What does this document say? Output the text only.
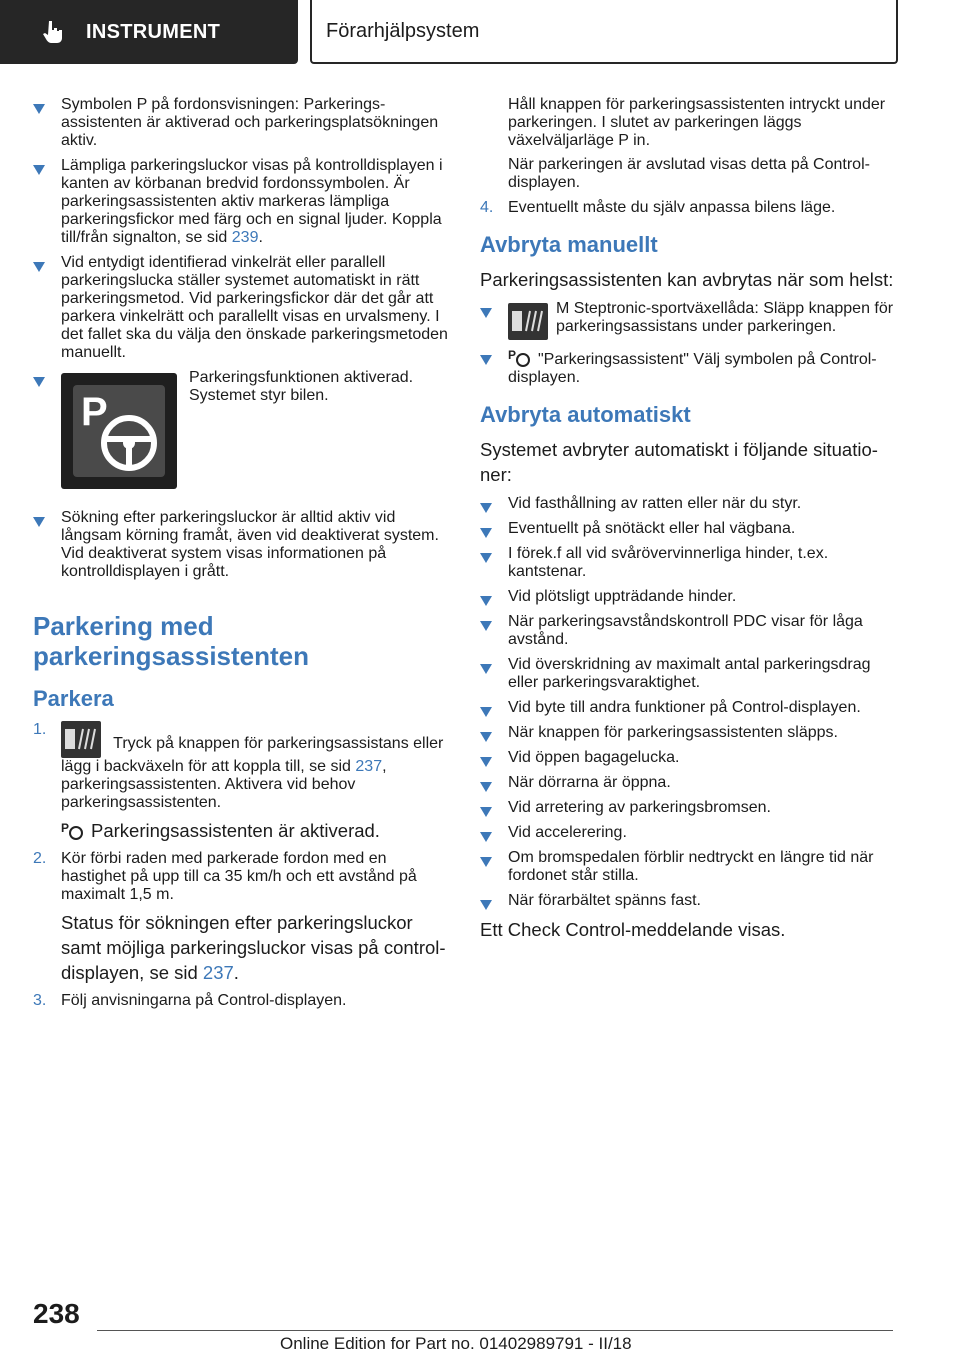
INSTRUMENT	Förarhjälpsystem
Symbolen P på fordonsvisningen: Parkeringsassistenten är aktiverad och parkeringsplatsökningen aktiv.
Lämpliga parkeringsluckor visas på kontrolldisplayen i kanten av körbanan bredvid fordonssymbolen. Är parkeringsassistenten aktiv markeras lämpliga parkeringsfickor med färg och en signal ljuder. Koppla till/från signalton, se sid 239.
Vid entydigt identifierad vinkelrät eller parallell parkeringslucka ställer systemet automatiskt in rätt parkeringsmetod. Vid parkeringsfickor där det går att parkera vinkelrätt och parallellt visas en urvalsmeny. I det fallet ska du välja den önskade parkeringsmetoden manuellt.
P
Parkeringsfunktionen aktiverad. Systemet styr bilen.
Sökning efter parkeringsluckor är alltid aktiv vid långsam körning framåt, även vid deaktiverat system. Vid deaktiverat system visas informationen på kontrolldisplayen i grått.
Parkering med parkeringsassistenten
Parkera
1.
Tryck på knappen för parkeringsassistans eller lägg i backväxeln för att koppla till, se sid 237, parkeringsassistenten. Aktivera vid behov parkeringsassistenten.

P Parkeringsassistenten är aktiverad.

2. Kör förbi raden med parkerade fordon med en hastighet på upp till ca 35 km/h och ett avstånd på maximalt 1,5 m.

Status för sökningen efter parkeringsluckor samt möjliga parkeringsluckor visas på control-displayen, se sid 237.

3. Följ anvisningarna på Control-displayen.
Håll knappen för parkeringsassistenten intryckt under parkeringen. I slutet av parkeringen läggs växelväljarläge P in.
När parkeringen är avslutad visas detta på Control-displayen.
4. Eventuellt måste du själv anpassa bilens läge.
Avbryta manuellt

Parkeringsassistenten kan avbrytas när som helst:

M Steptronic-sportväxellåda: Släpp knappen för parkeringsassistans under parkeringen.
P "Parkeringsassistent" Välj symbolen på Control-displayen.
Avbryta automatiskt

Systemet avbryter automatiskt i följande situationer:

Vid fasthållning av ratten eller när du styr.
Eventuellt på snötäckt eller hal vägbana.
I förek.f all vid svårövervinnerliga hinder, t.ex. kantstenar.
Vid plötsligt uppträdande hinder.
När parkeringsavståndskontroll PDC visar för låga avstånd.
Vid överskridning av maximalt antal parkeringsdrag eller parkeringsvaraktighet.
Vid byte till andra funktioner på Control-displayen.
När knappen för parkeringsassistenten släpps.
Vid öppen bagagelucka.
När dörrarna är öppna.
Vid arretering av parkeringsbromsen.
Vid accelerering.
Om bromspedalen förblir nedtryckt en längre tid när fordonet står stilla.
När förarbältet spänns fast.

Ett Check Control-meddelande visas.

238
Online Edition for Part no. 01402989791 - II/18
